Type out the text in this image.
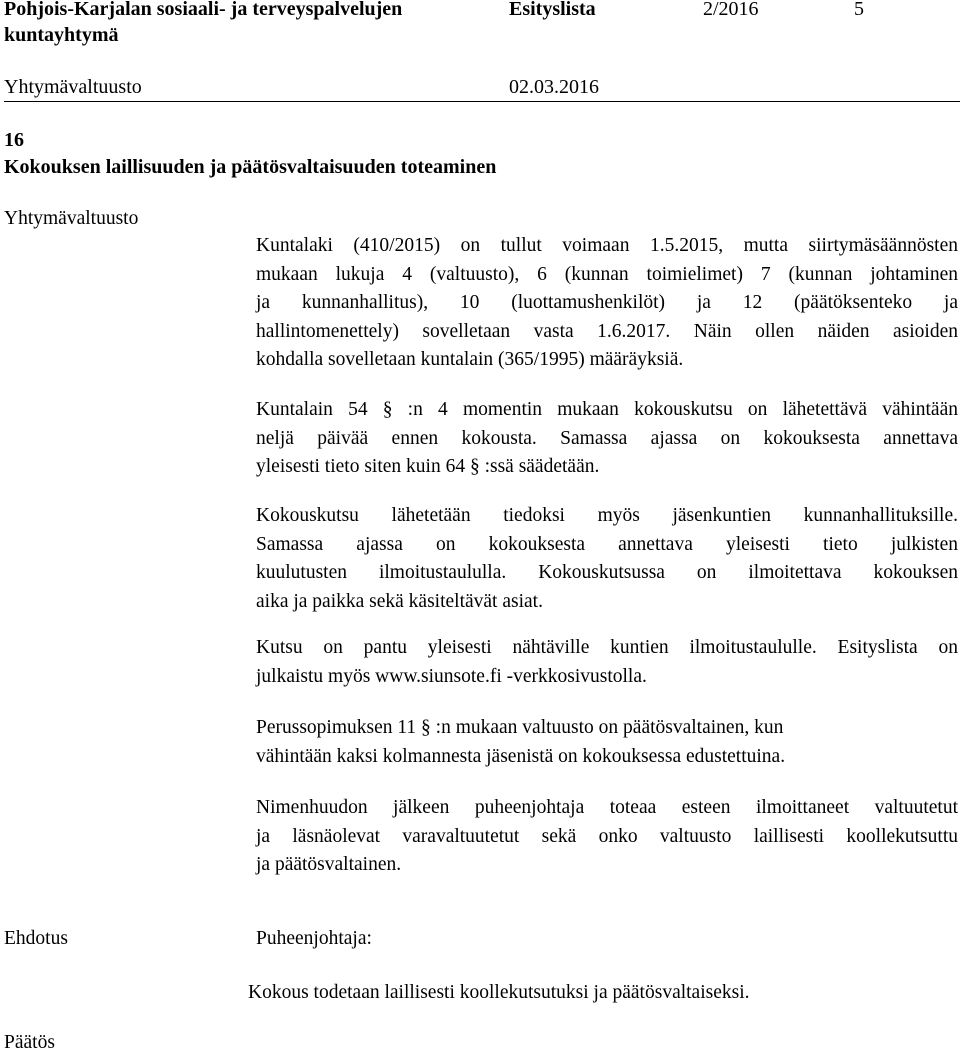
Pohjois-Karjalan sosiaali- ja terveyspalvelujen
kuntayhtymä
Esityslista	2/2016	5
Yhtymävaltuusto	02.03.2016
16
Kokouksen laillisuuden ja päätösvaltaisuuden toteaminen
Yhtymävaltuusto
Kuntalaki (410/2015) on tullut voimaan 1.5.2015, mutta siirtymäsäännösten
mukaan lukuja 4 (valtuusto), 6 (kunnan toimielimet) 7 (kunnan johtaminen
ja kunnanhallitus), 10 (luottamushenkilöt) ja 12 (päätöksenteko ja
hallintomenettely) sovelletaan vasta 1.6.2017. Näin ollen näiden asioiden
kohdalla sovelletaan kuntalain (365/1995) määräyksiä.
Kuntalain 54 § :n 4 momentin mukaan kokouskutsu on lähetettävä vähintään
neljä päivää ennen kokousta. Samassa ajassa on kokouksesta annettava
yleisesti tieto siten kuin 64 § :ssä säädetään.
Kokouskutsu lähetetään tiedoksi myös jäsenkuntien kunnanhallituksille.
Samassa ajassa on kokouksesta annettava yleisesti tieto julkisten
kuulutusten ilmoitustaululla. Kokouskutsussa on ilmoitettava kokouksen
aika ja paikka sekä käsiteltävät asiat.
Kutsu on pantu yleisesti nähtäville kuntien ilmoitustaululle. Esityslista on
julkaistu myös www.siunsote.fi -verkkosivustolla.
Perussopimuksen 11 § :n mukaan valtuusto on päätösvaltainen, kun
vähintään kaksi kolmannesta jäsenistä on kokouksessa edustettuina.
Nimenhuudon jälkeen puheenjohtaja toteaa esteen ilmoittaneet valtuutetut
ja läsnäolevat varavaltuutetut sekä onko valtuusto laillisesti koollekutsuttu
ja päätösvaltainen.
Ehdotus	Puheenjohtaja:
Kokous todetaan laillisesti koollekutsutuksi ja päätösvaltaiseksi.
Päätös
